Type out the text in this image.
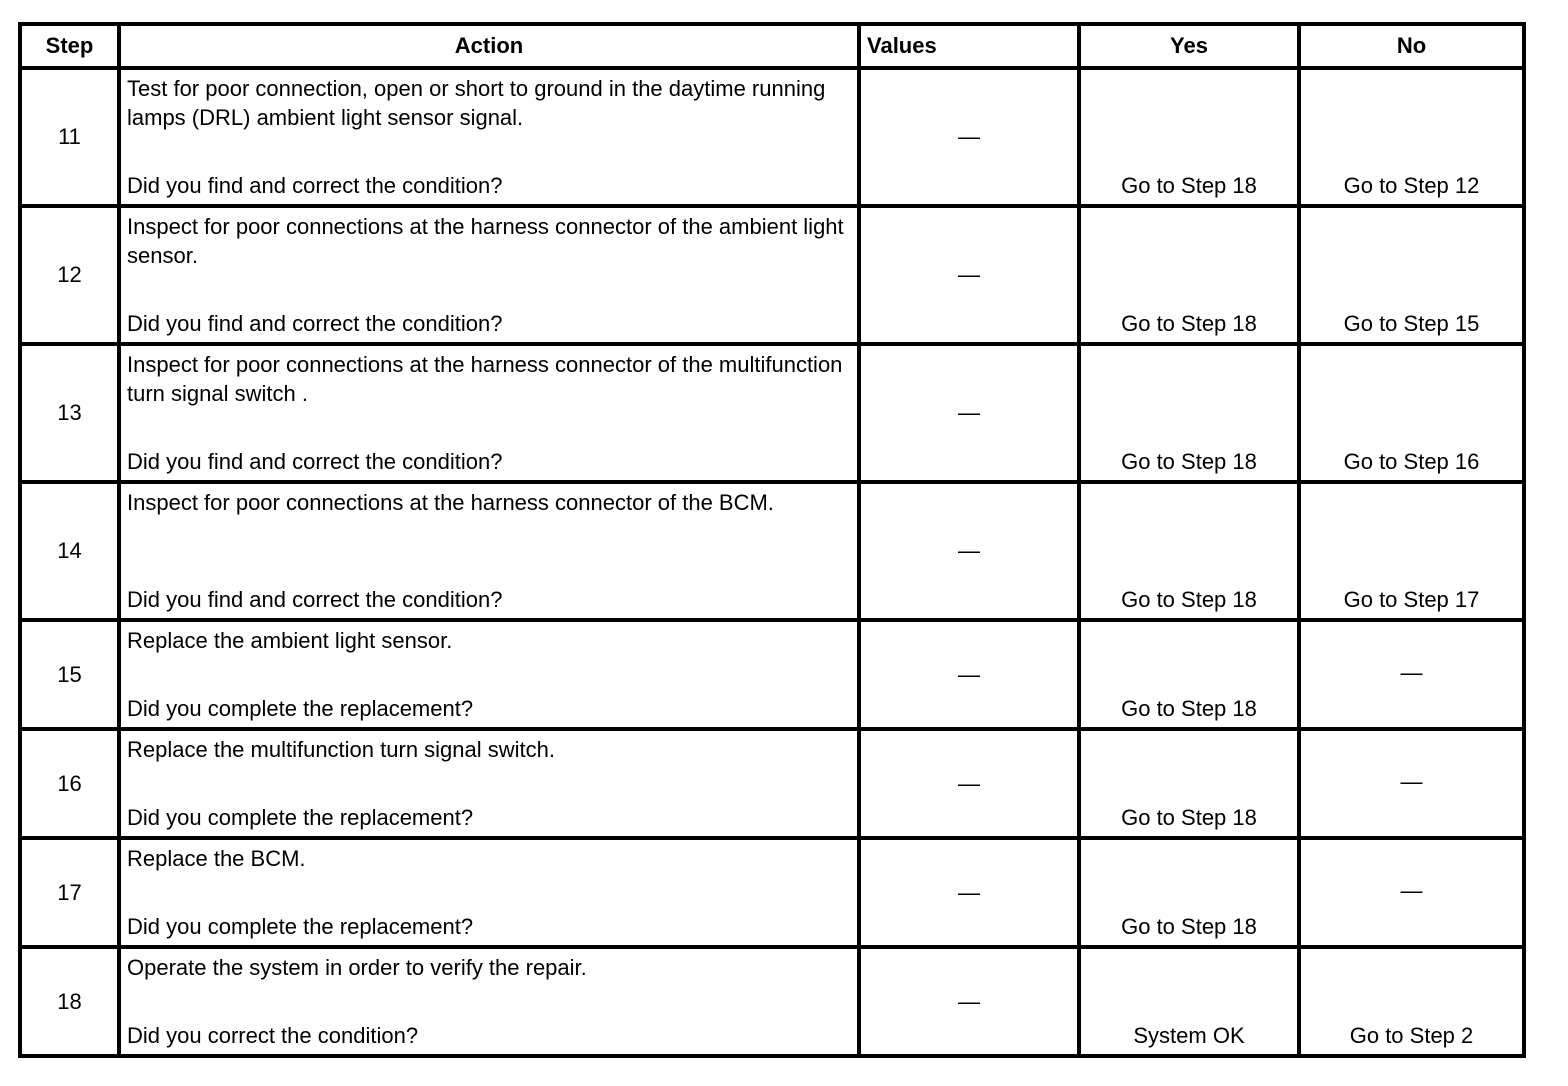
Step	Action	Values	Yes	No
11	Test for poor connection, open or short to ground in the daytime running lamps (DRL) ambient light sensor signal.
Did you find and correct the condition?	—	Go to Step 18	Go to Step 12
12	Inspect for poor connections at the harness connector of the ambient light sensor.
Did you find and correct the condition?	—	Go to Step 18	Go to Step 15
13	Inspect for poor connections at the harness connector of the multifunction turn signal switch .
Did you find and correct the condition?	—	Go to Step 18	Go to Step 16
14	Inspect for poor connections at the harness connector of the BCM.
Did you find and correct the condition?	—	Go to Step 18	Go to Step 17
15	Replace the ambient light sensor.
Did you complete the replacement?	—	Go to Step 18	—
16	Replace the multifunction turn signal switch.
Did you complete the replacement?	—	Go to Step 18	—
17	Replace the BCM.
Did you complete the replacement?	—	Go to Step 18	—
18	Operate the system in order to verify the repair.
Did you correct the condition?	—	System OK	Go to Step 2
